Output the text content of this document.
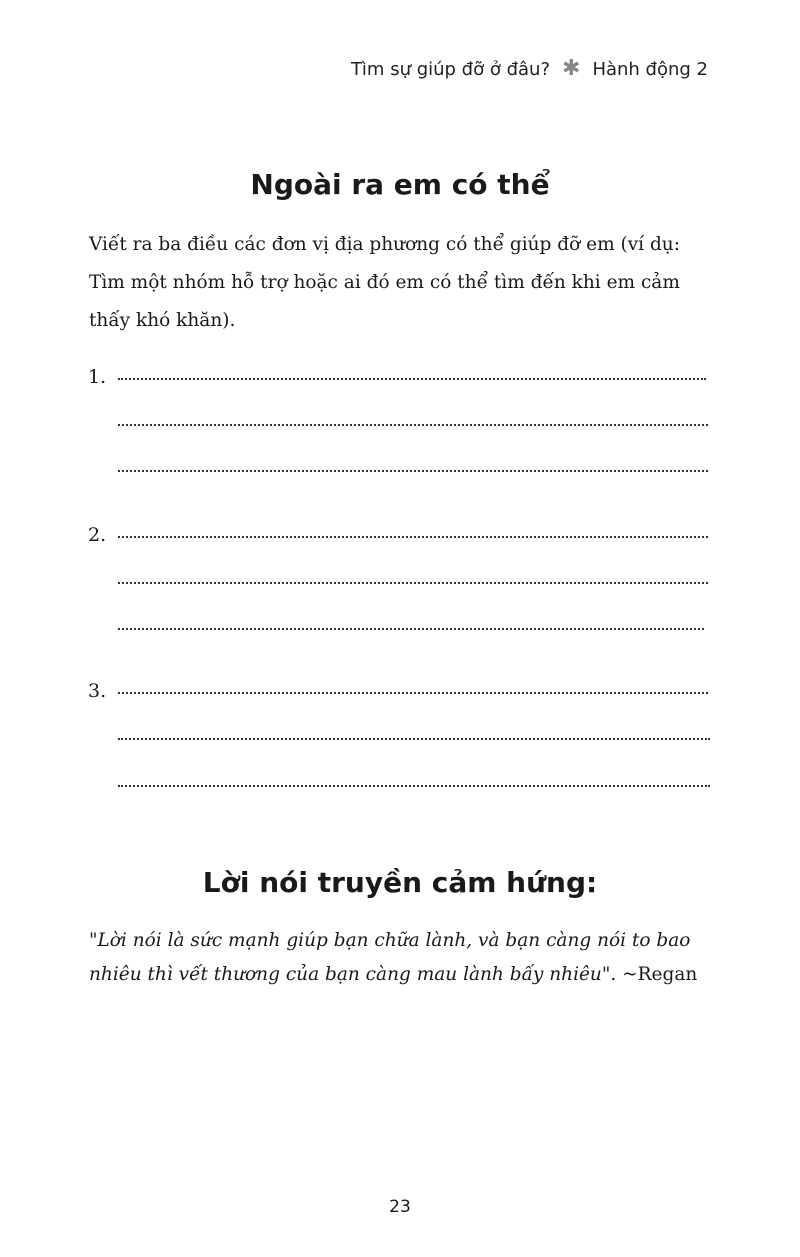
Tìm sự giúp đỡ ở đâu? ✱ Hành động 2
Ngoài ra em có thể

Viết ra ba điều các đơn vị địa phương có thể giúp đỡ em (ví dụ: Tìm một nhóm hỗ trợ hoặc ai đó em có thể tìm đến khi em cảm thấy khó khăn).

1.
2.
3.
Lời nói truyền cảm hứng:

"Lời nói là sức mạnh giúp bạn chữa lành, và bạn càng nói to bao nhiêu thì vết thương của bạn càng mau lành bấy nhiêu". ~Regan

23
